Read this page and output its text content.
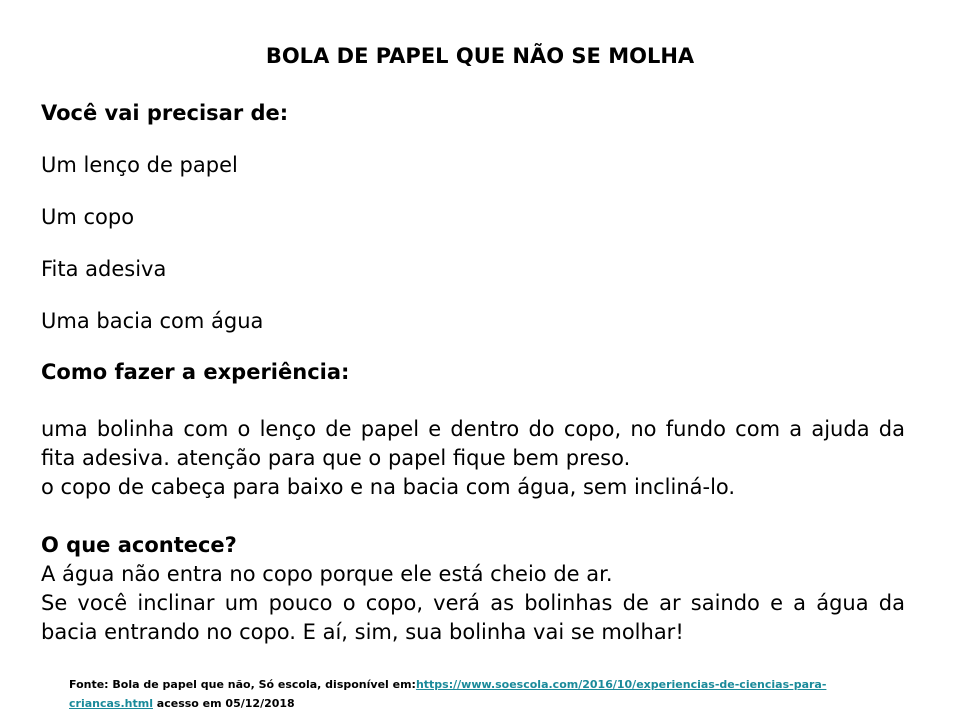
BOLA DE PAPEL QUE NÃO SE MOLHA
Você vai precisar de:

Um lenço de papel

Um copo

Fita adesiva

Uma bacia com água

Como fazer a experiência:
uma bolinha com o lenço de papel e dentro do copo, no fundo com a ajuda da fita adesiva. atenção para que o papel fique bem preso.
o copo de cabeça para baixo e na bacia com água, sem incliná-lo.
O que acontece?
A água não entra no copo porque ele está cheio de ar.
Se você inclinar um pouco o copo, verá as bolinhas de ar saindo e a água da bacia entrando no copo. E aí, sim, sua bolinha vai se molhar!

Fonte: Bola de papel que não, Só escola, disponível em:https://www.soescola.com/2016/10/experiencias-de-ciencias-para-criancas.html acesso em 05/12/2018
